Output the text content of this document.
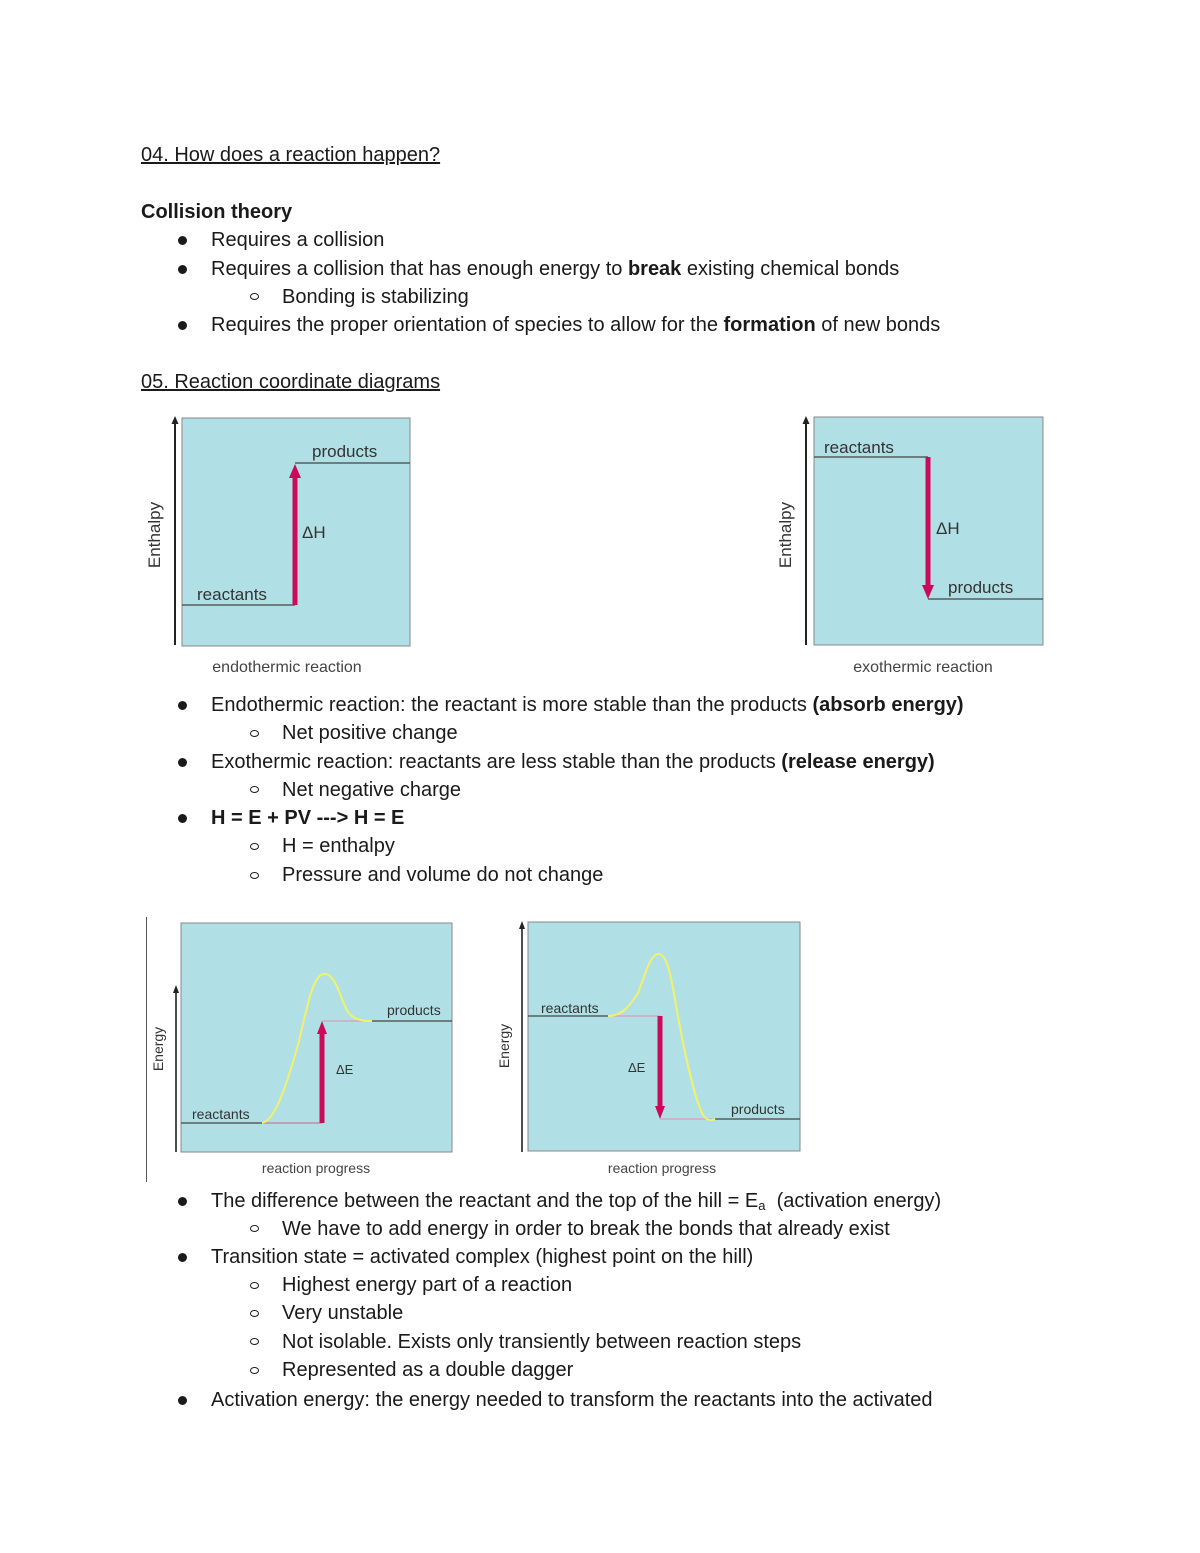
04. How does a reaction happen?
Collision theory
Requires a collision
Requires a collision that has enough energy to break existing chemical bonds
Bonding is stabilizing
Requires the proper orientation of species to allow for the formation of new bonds
05. Reaction coordinate diagrams
products
reactants
ΔH
Enthalpy
endothermic reaction
reactants
products
ΔH
Enthalpy
exothermic reaction
Endothermic reaction: the reactant is more stable than the products (absorb energy)
Net positive change
Exothermic reaction: reactants are less stable than the products (release energy)
Net negative charge
H = E + PV ---> H = E
H = enthalpy
Pressure and volume do not change
products
reactants
ΔE
Energy
reaction progress
reactants
products
ΔE
Energy
reaction progress
The difference between the reactant and the top of the hill = $E_a$  (activation energy)
We have to add energy in order to break the bonds that already exist
Transition state = activated complex (highest point on the hill)
Highest energy part of a reaction
Very unstable
Not isolable. Exists only transiently between reaction steps
Represented as a double dagger
Activation energy: the energy needed to transform the reactants into the activated
